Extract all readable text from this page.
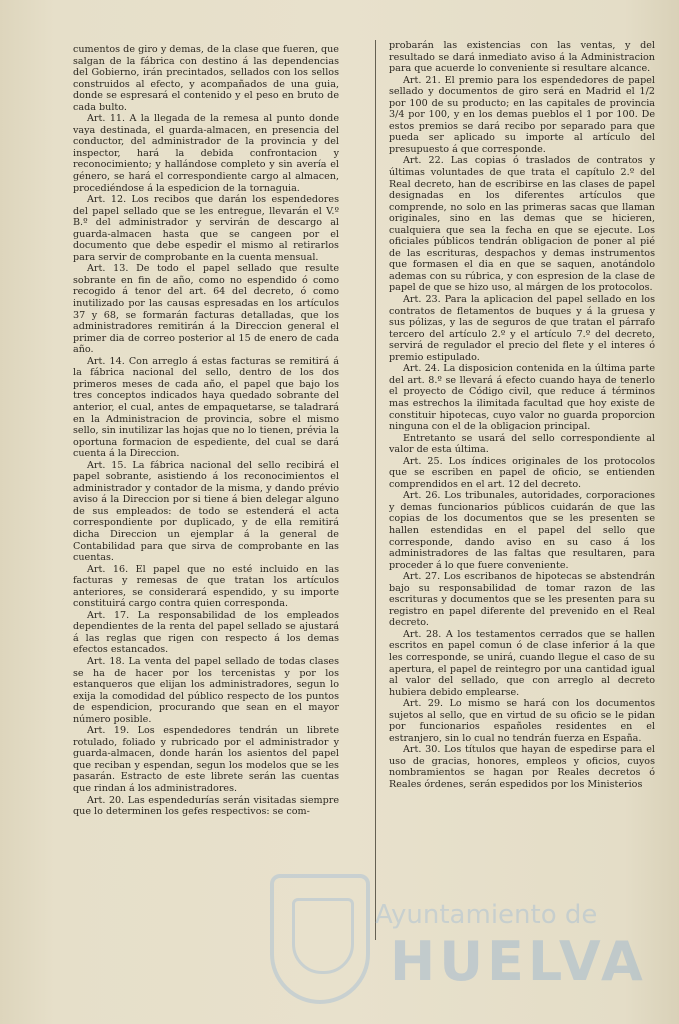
cumentos de giro y demas, de la clase que fueren, que salgan de la fábrica con destino á las dependencias del Gobierno, irán precintados, sellados con los sellos construidos al efecto, y acompañados de una guia, donde se espresará el contenido y el peso en bruto de cada bulto.

Art. 11. A la llegada de la remesa al punto donde vaya destinada, el guarda-almacen, en presencia del conductor, del administrador de la provincia y del inspector, hará la debida confrontacion y reconocimiento; y hallándose completo y sin avería el género, se hará el correspondiente cargo al almacen, procediéndose á la espedicion de la tornaguia.

Art. 12. Los recibos que darán los espendedores del papel sellado que se les entregue, llevarán el V.º B.º del administrador y servirán de descargo al guarda-almacen hasta que se cangeen por el documento que debe espedir el mismo al retirarlos para servir de comprobante en la cuenta mensual.

Art. 13. De todo el papel sellado que resulte sobrante en fin de año, como no espendido ó como recogido á tenor del art. 64 del decreto, ó como inutilizado por las causas espresadas en los artículos 37 y 68, se formarán facturas detalladas, que los administradores remitirán á la Direccion general el primer dia de correo posterior al 15 de enero de cada año.

Art. 14. Con arreglo á estas facturas se remitirá á la fábrica nacional del sello, dentro de los dos primeros meses de cada año, el papel que bajo los tres conceptos indicados haya quedado sobrante del anterior, el cual, antes de empaquetarse, se taladrará en la Administracion de provincia, sobre el mismo sello, sin inutilizar las hojas que no lo tienen, prévia la oportuna formacion de espediente, del cual se dará cuenta á la Direccion.

Art. 15. La fábrica nacional del sello recibirá el papel sobrante, asistiendo á los reconocimientos el administrador y contador de la misma, y dando prévio aviso á la Direccion por si tiene á bien delegar alguno de sus empleados: de todo se estenderá el acta correspondiente por duplicado, y de ella remitirá dicha Direccion un ejemplar á la general de Contabilidad para que sirva de comprobante en las cuentas.

Art. 16. El papel que no esté incluido en las facturas y remesas de que tratan los artículos anteriores, se considerará espendido, y su importe constituirá cargo contra quien corresponda.

Art. 17. La responsabilidad de los empleados dependientes de la renta del papel sellado se ajustará á las reglas que rigen con respecto á los demas efectos estancados.

Art. 18. La venta del papel sellado de todas clases se ha de hacer por los tercenistas y por los estanqueros que elijan los administradores, segun lo exija la comodidad del público respecto de los puntos de espendicion, procurando que sean en el mayor número posible.

Art. 19. Los espendedores tendrán un librete rotulado, foliado y rubricado por el administrador y guarda-almacen, donde harán los asientos del papel que reciban y espendan, segun los modelos que se les pasarán. Estracto de este librete serán las cuentas que rindan á los administradores.

Art. 20. Las espendedurías serán visitadas siempre que lo determinen los gefes respectivos: se com-

probarán las existencias con las ventas, y del resultado se dará inmediato aviso á la Administracion para que acuerde lo conveniente si resultare alcance.

Art. 21. El premio para los espendedores de papel sellado y documentos de giro será en Madrid el 1/2 por 100 de su producto; en las capitales de provincia 3/4 por 100, y en los demas pueblos el 1 por 100. De estos premios se dará recibo por separado para que pueda ser aplicado su importe al artículo del presupuesto á que corresponde.

Art. 22. Las copias ó traslados de contratos y últimas voluntades de que trata el capítulo 2.º del Real decreto, han de escribirse en las clases de papel designadas en los diferentes artículos que comprende, no solo en las primeras sacas que llaman originales, sino en las demas que se hicieren, cualquiera que sea la fecha en que se ejecute. Los oficiales públicos tendrán obligacion de poner al pié de las escrituras, despachos y demas instrumentos que formasen el dia en que se saquen, anotándolo ademas con su rúbrica, y con espresion de la clase de papel de que se hizo uso, al márgen de los protocolos.

Art. 23. Para la aplicacion del papel sellado en los contratos de fletamentos de buques y á la gruesa y sus pólizas, y las de seguros de que tratan el párrafo tercero del artículo 2.º y el artículo 7.º del decreto, servirá de regulador el precio del flete y el interes ó premio estipulado.

Art. 24. La disposicion contenida en la última parte del art. 8.º se llevará á efecto cuando haya de tenerlo el proyecto de Código civil, que reduce á términos mas estrechos la ilimitada facultad que hoy existe de constituir hipotecas, cuyo valor no guarda proporcion ninguna con el de la obligacion principal.

Entretanto se usará del sello correspondiente al valor de esta última.

Art. 25. Los índices originales de los protocolos que se escriben en papel de oficio, se entienden comprendidos en el art. 12 del decreto.

Art. 26. Los tribunales, autoridades, corporaciones y demas funcionarios públicos cuidarán de que las copias de los documentos que se les presenten se hallen estendidas en el papel del sello que corresponde, dando aviso en su caso á los administradores de las faltas que resultaren, para proceder á lo que fuere conveniente.

Art. 27. Los escribanos de hipotecas se abstendrán bajo su responsabilidad de tomar razon de las escrituras y documentos que se les presenten para su registro en papel diferente del prevenido en el Real decreto.

Art. 28. A los testamentos cerrados que se hallen escritos en papel comun ó de clase inferior á la que les corresponde, se unirá, cuando llegue el caso de su apertura, el papel de reintegro por una cantidad igual al valor del sellado, que con arreglo al decreto hubiera debido emplearse.

Art. 29. Lo mismo se hará con los documentos sujetos al sello, que en virtud de su oficio se le pidan por funcionarios españoles residentes en el estranjero, sin lo cual no tendrán fuerza en España.

Art. 30. Los títulos que hayan de espedirse para el uso de gracias, honores, empleos y oficios, cuyos nombramientos se hagan por Reales decretos ó Reales órdenes, serán espedidos por los Ministerios

Ayuntamiento de
HUELVA
